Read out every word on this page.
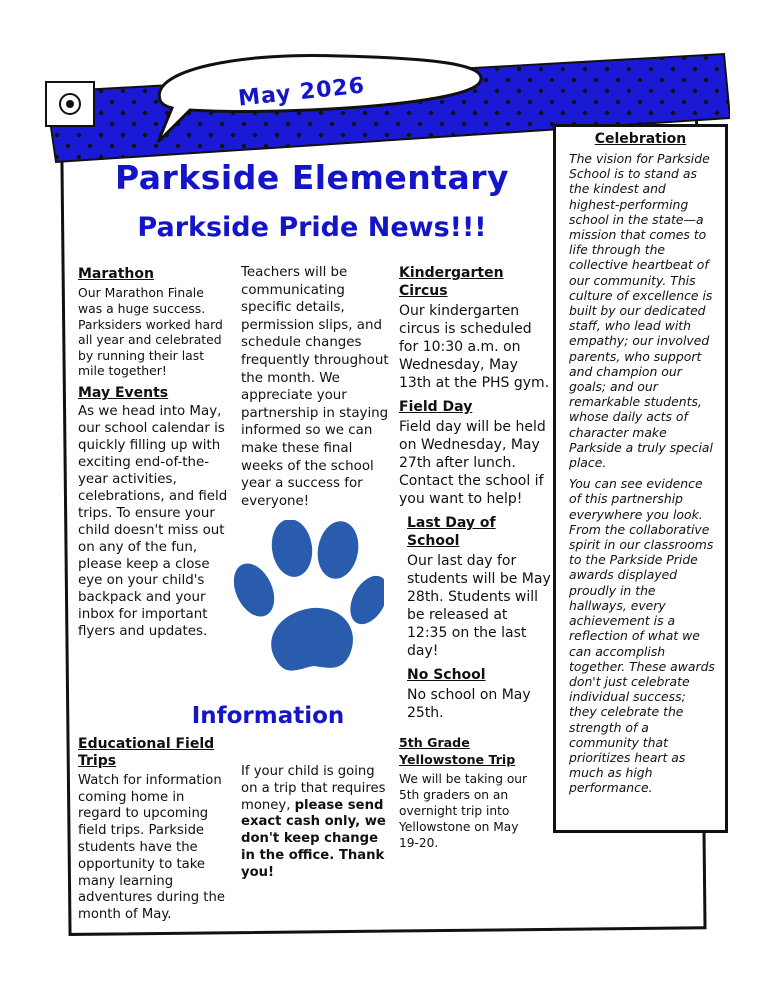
May 2026
Parkside Elementary
Parkside Pride News!!!
Marathon
Our Marathon Finale was a huge success. Parksiders worked hard all year and celebrated by running their last mile together!
May Events
As we head into May, our school calendar is quickly filling up with exciting end-of-the-year activities, celebrations, and field trips. To ensure your child doesn't miss out on any of the fun, please keep a close eye on your child's backpack and your inbox for important flyers and updates.
Teachers will be communicating specific details, permission slips, and schedule changes frequently throughout the month. We appreciate your partnership in staying informed so we can make these final weeks of the school year a success for everyone!
Kindergarten Circus
Our kindergarten circus is scheduled for 10:30 a.m. on Wednesday, May 13th at the PHS gym.
Field Day
Field day will be held on Wednesday, May 27th after lunch. Contact the school if you want to help!
Last Day of School
Our last day for students will be May 28th. Students will be released at 12:35 on the last day!
No School
No school on May 25th.
Information
Educational Field Trips
Watch for information coming home in regard to upcoming field trips. Parkside students have the opportunity to take many learning adventures during the month of May.
If your child is going on a trip that requires money, please send exact cash only, we don't keep change in the office. Thank you!
5th Grade Yellowstone Trip
We will be taking our 5th graders on an overnight trip into Yellowstone on May 19-20.
Celebration

The vision for Parkside School is to stand as the kindest and highest-performing school in the state—a mission that comes to life through the collective heartbeat of our community. This culture of excellence is built by our dedicated staff, who lead with empathy; our involved parents, who support and champion our goals; and our remarkable students, whose daily acts of character make Parkside a truly special place.

You can see evidence of this partnership everywhere you look. From the collaborative spirit in our classrooms to the Parkside Pride awards displayed proudly in the hallways, every achievement is a reflection of what we can accomplish together. These awards don't just celebrate individual success; they celebrate the strength of a community that prioritizes heart as much as high performance.
